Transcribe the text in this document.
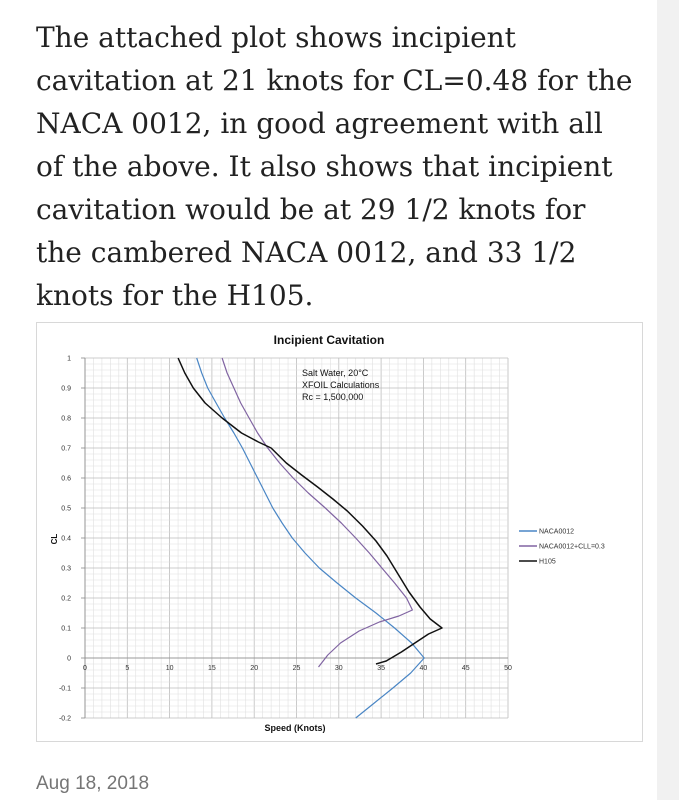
The attached plot shows incipient cavitation at 21 knots for CL=0.48 for the NACA 0012, in good agreement with all of the above. It also shows that incipient cavitation would be at 29 1/2 knots for the cambered NACA 0012, and 33 1/2 knots for the H105.

Incipient Cavitation
0	5	10	15	20	25	30	35	40	45	50
1
0.9
0.8
0.7
0.6
0.5
0.4
0.3
0.2
0.1
0
-0.1
-0.2
Salt Water, 20°C
XFOIL Calculations
Rc = 1,500,000
Speed (Knots)
CL
NACA0012
NACA0012+CLL=0.3
H105
Aug 18, 2018
